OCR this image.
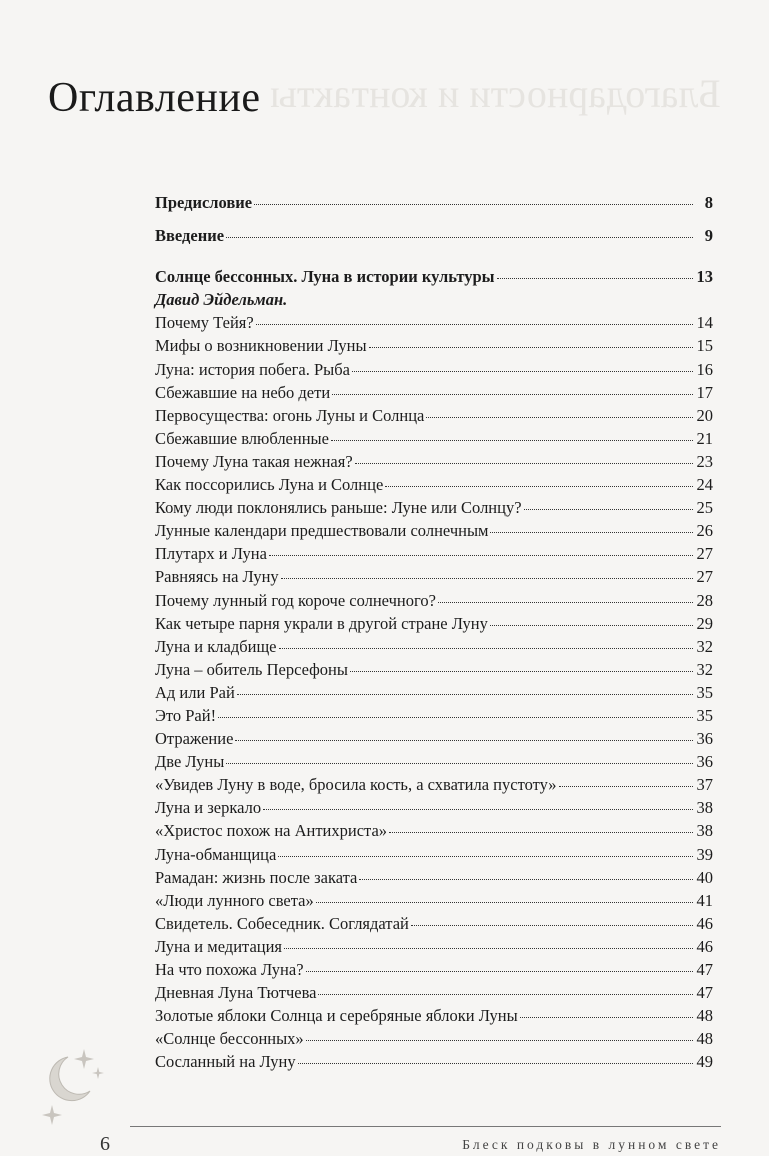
Благодарности и контакты
Оглавление
Предисловие	8
Введение	9
Солнце бессонных. Луна в истории культуры	13
Давид Эйдельман.
Почему Тейя?	14
Мифы о возникновении Луны	15
Луна: история побега. Рыба	16
Сбежавшие на небо дети	17
Первосущества: огонь Луны и Солнца	20
Сбежавшие влюбленные	21
Почему Луна такая нежная?	23
Как поссорились Луна и Солнце	24
Кому люди поклонялись раньше: Луне или Солнцу?	25
Лунные календари предшествовали солнечным	26
Плутарх и Луна	27
Равняясь на Луну	27
Почему лунный год короче солнечного?	28
Как четыре парня украли в другой стране Луну	29
Луна и кладбище	32
Луна – обитель Персефоны	32
Ад или Рай	35
Это Рай!	35
Отражение	36
Две Луны	36
«Увидев Луну в воде, бросила кость, а схватила пустоту»	37
Луна и зеркало	38
«Христос похож на Антихриста»	38
Луна-обманщица	39
Рамадан: жизнь после заката	40
«Люди лунного света»	41
Свидетель. Собеседник. Соглядатай	46
Луна и медитация	46
На что похожа Луна?	47
Дневная Луна Тютчева	47
Золотые яблоки Солнца и серебряные яблоки Луны	48
«Солнце бессонных»	48
Сосланный на Луну	49
6	Блеск подковы в лунном свете
